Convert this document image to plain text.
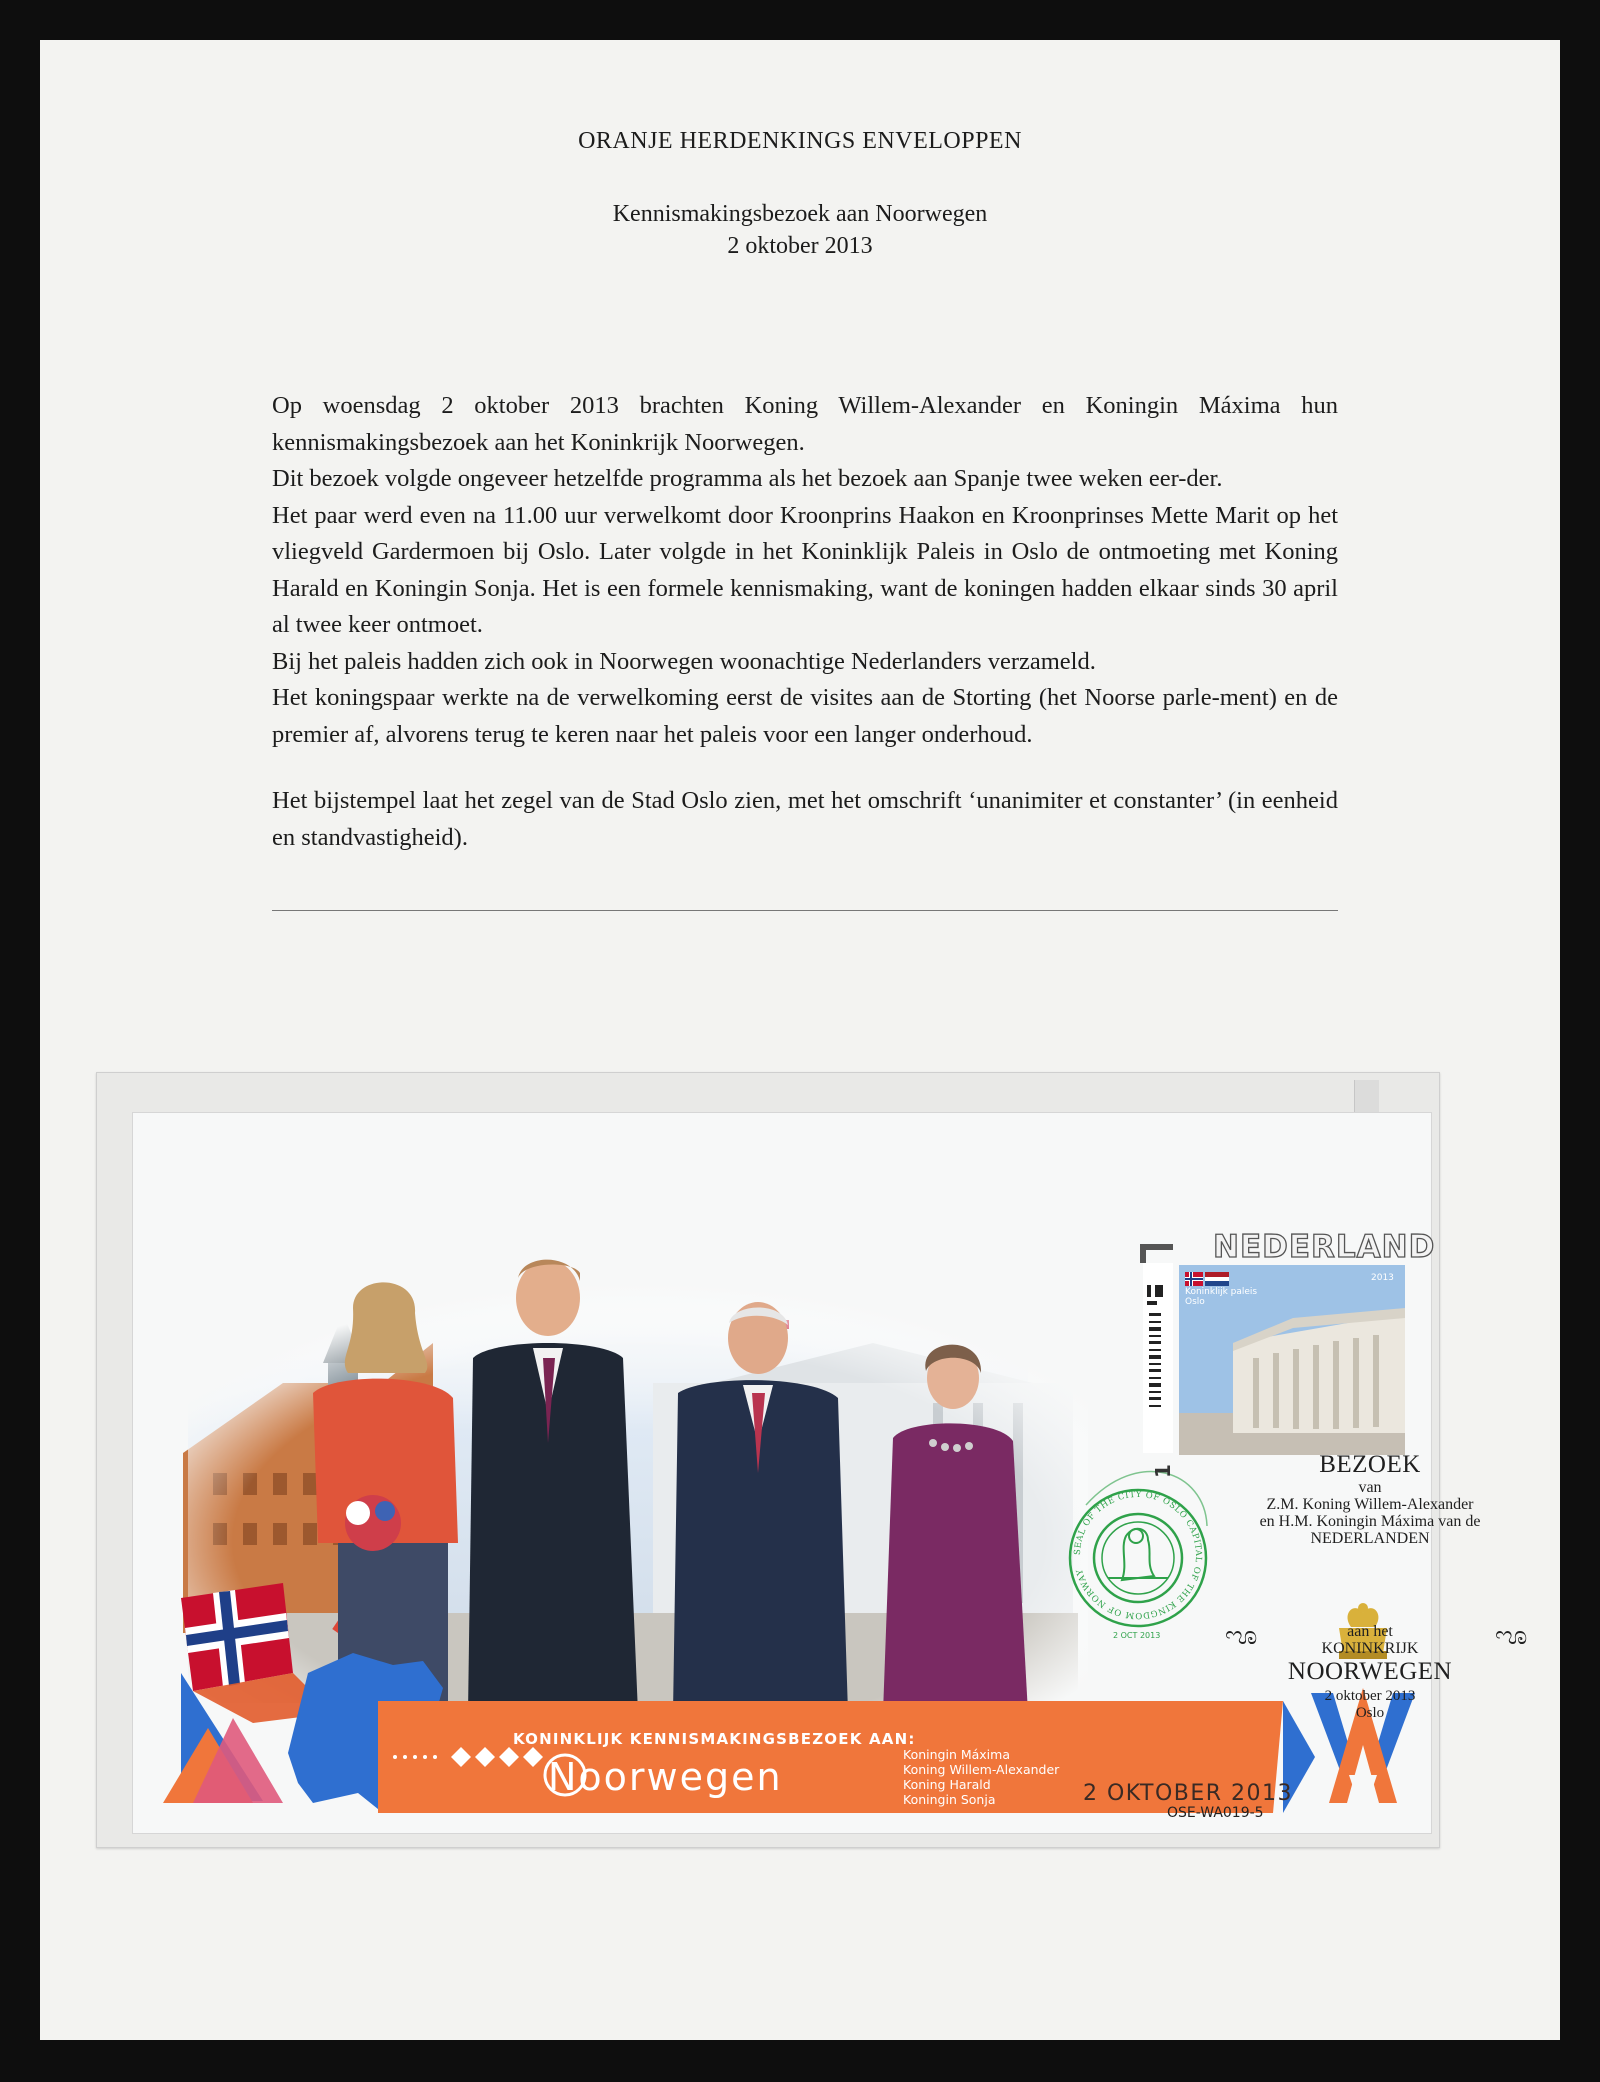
ORANJE HERDENKINGS ENVELOPPEN
Kennismakingsbezoek aan Noorwegen
2 oktober 2013

Op woensdag 2 oktober 2013 brachten Koning Willem-Alexander en Koningin Máxima hun kennismakingsbezoek aan het Koninkrijk Noorwegen.

Dit bezoek volgde ongeveer hetzelfde programma als het bezoek aan Spanje twee weken eer-der.

Het paar werd even na 11.00 uur verwelkomt door Kroonprins Haakon en Kroonprinses Mette Marit op het vliegveld Gardermoen bij Oslo. Later volgde in het Koninklijk Paleis in Oslo de ontmoeting met Koning Harald en Koningin Sonja. Het is een formele kennismaking, want de koningen hadden elkaar sinds 30 april al twee keer ontmoet.

Bij het paleis hadden zich ook in Noorwegen woonachtige Nederlanders verzameld.

Het koningspaar werkte na de verwelkoming eerst de visites aan de Storting (het Noorse parle-ment) en de premier af, alvorens terug te keren naar het paleis voor een langer onderhoud.

Het bijstempel laat het zegel van de Stad Oslo zien, met het omschrift ‘unanimiter et constanter’ (in eenheid en standvastigheid).

NEDERLAND
Koninklijk paleis
Oslo
2013
1	BEZOEK
van
Z.M. Koning Willem-Alexander
en H.M. Koningin Máxima van de
NEDERLANDEN
aan het
KONINKRIJK
NOORWEGEN
2 oktober 2013
Oslo
ೡ	ೡ
SEAL OF THE CITY OF OSLO CAPITAL OF THE KINGDOM OF NORWAY
2 OCT 2013
KONINKLIJK KENNISMAKINGSBEZOEK AAN:
Noorwegen
Koningin Máxima
Koning Willem-Alexander
Koning Harald
Koningin Sonja	2 OKTOBER 2013
OSE-WA019-5
